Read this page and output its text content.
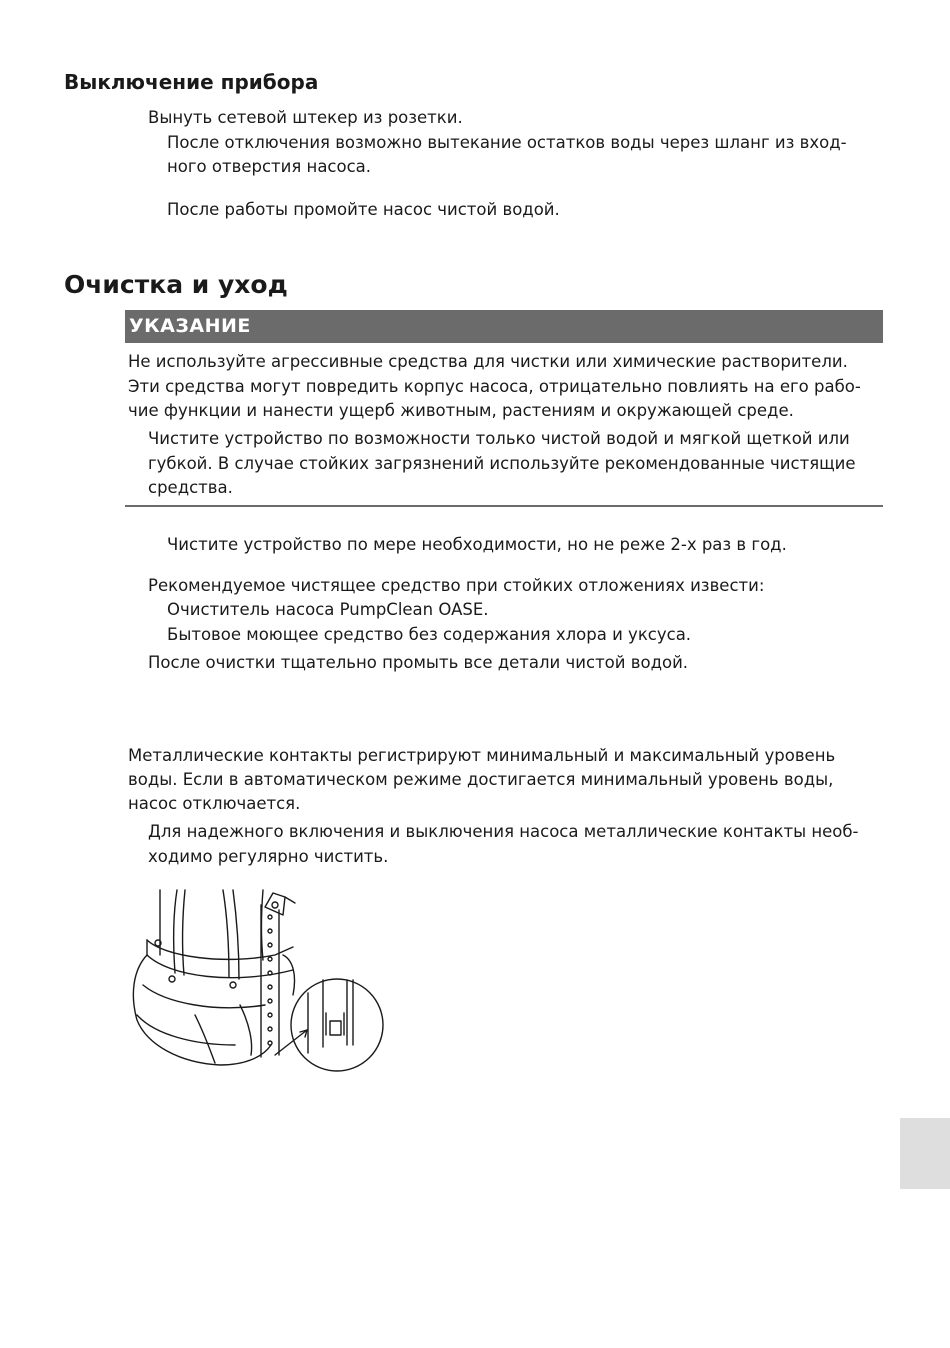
Выключение прибора
Вынуть сетевой штекер из розетки.
После отключения возможно вытекание остатков воды через шланг из вход-
ного отверстия насоса.
После работы промойте насос чистой водой.
Очистка и уход
УКАЗАНИЕ
Не используйте агрессивные средства для чистки или химические растворители.
Эти средства могут повредить корпус насоса, отрицательно повлиять на его рабо-
чие функции и нанести ущерб животным, растениям и окружающей среде.
Чистите устройство по возможности только чистой водой и мягкой щеткой или
губкой. В случае стойких загрязнений используйте рекомендованные чистящие
средства.
Чистите устройство по мере необходимости, но не реже 2-х раз в год.
Рекомендуемое чистящее средство при стойких отложениях извести:
Очиститель насоса PumpClean OASE.
Бытовое моющее средство без содержания хлора и уксуса.
После очистки тщательно промыть все детали чистой водой.
Металлические контакты регистрируют минимальный и максимальный уровень
воды. Если в автоматическом режиме достигается минимальный уровень воды,
насос отключается.
Для надежного включения и выключения насоса металлические контакты необ-
ходимо регулярно чистить.
